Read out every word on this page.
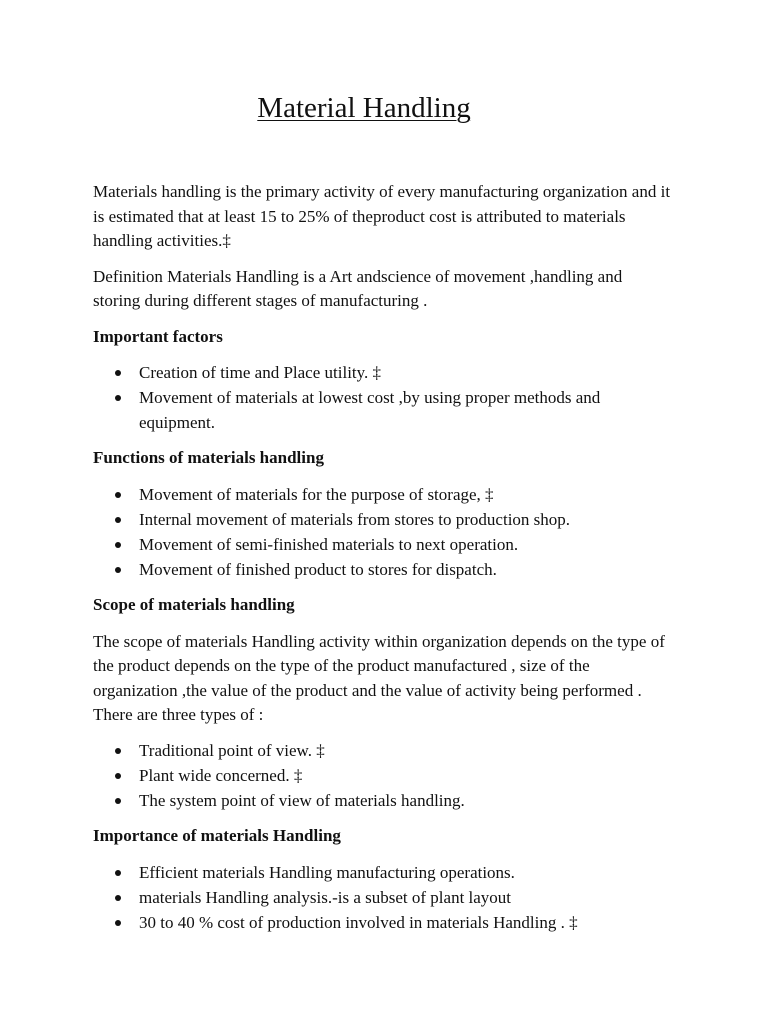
Material Handling

Materials handling is the primary activity of every manufacturing organization and it is estimated that at least 15 to 25% of theproduct cost is attributed to materials handling activities.‡

Definition Materials Handling is a Art andscience of movement ,handling and storing during different stages of manufacturing .

Important factors

Creation of time and Place utility. ‡
Movement of materials at lowest cost ,by using proper methods and equipment.

Functions of materials handling

Movement of materials for the purpose of storage, ‡
Internal movement of materials from stores to production shop.
Movement of semi-finished materials to next operation.
Movement of finished product to stores for dispatch.

Scope of materials handling

The scope of materials Handling activity within organization depends on the type of the product depends on the type of the product manufactured , size of the organization ,the value of the product and the value of activity being performed . There are three types of :

Traditional point of view. ‡
Plant wide concerned. ‡
The system point of view of materials handling.

Importance of materials Handling

Efficient materials Handling manufacturing operations.
materials Handling analysis.-is a subset of plant layout
30 to 40 % cost of production involved in materials Handling . ‡
